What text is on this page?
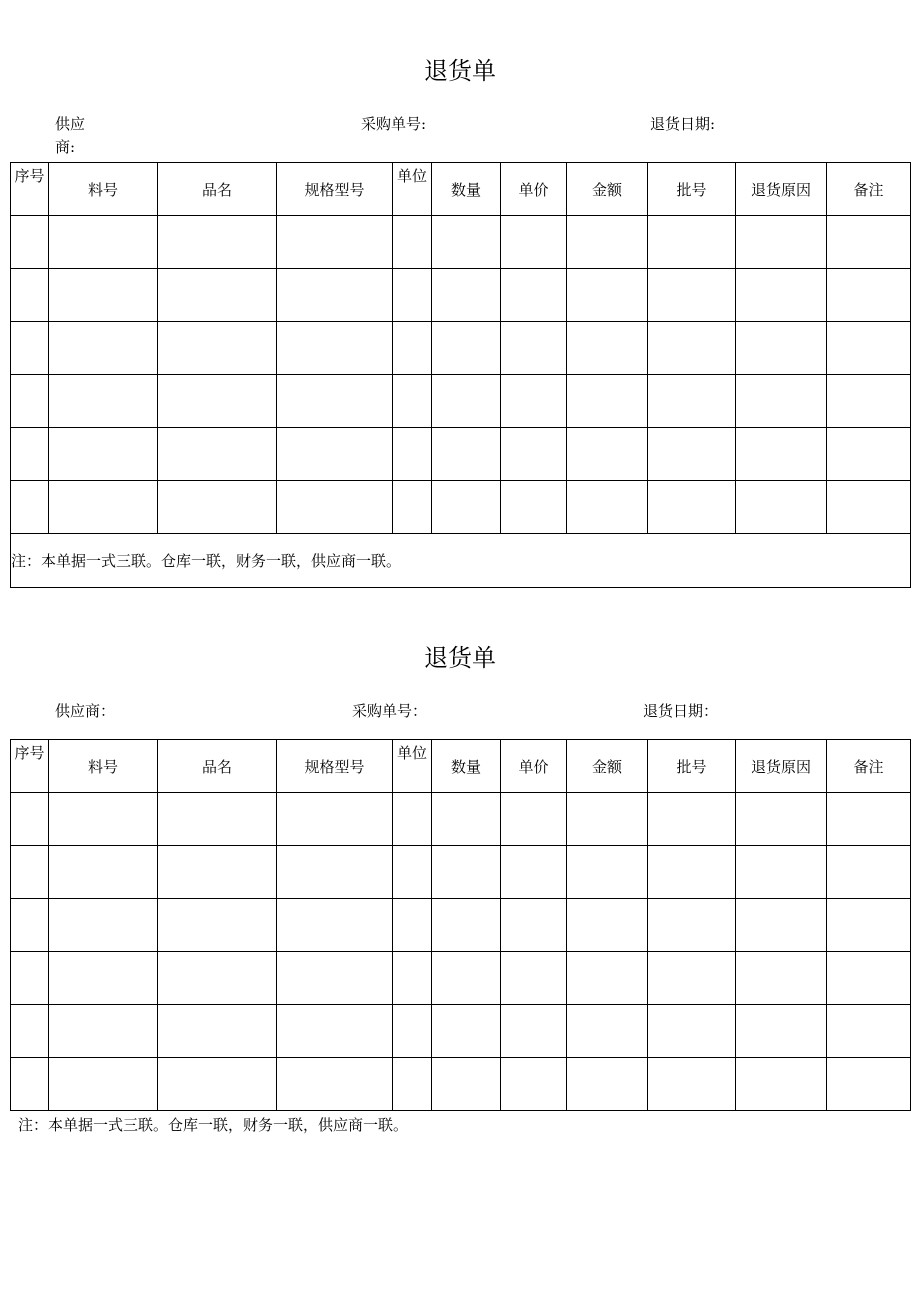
退货单
供应商:
采购单号:	退货日期:
序号	料号	品名	规格型号	单位	数量	单价	金额	批号	退货原因	备注

注：本单据一式三联。仓库一联，财务一联，供应商一联。										
退货单
供应商：	采购单号：	退货日期：
序号	料号	品名	规格型号	单位	数量	单价	金额	批号	退货原因	备注

注：本单据一式三联。仓库一联，财务一联，供应商一联。
